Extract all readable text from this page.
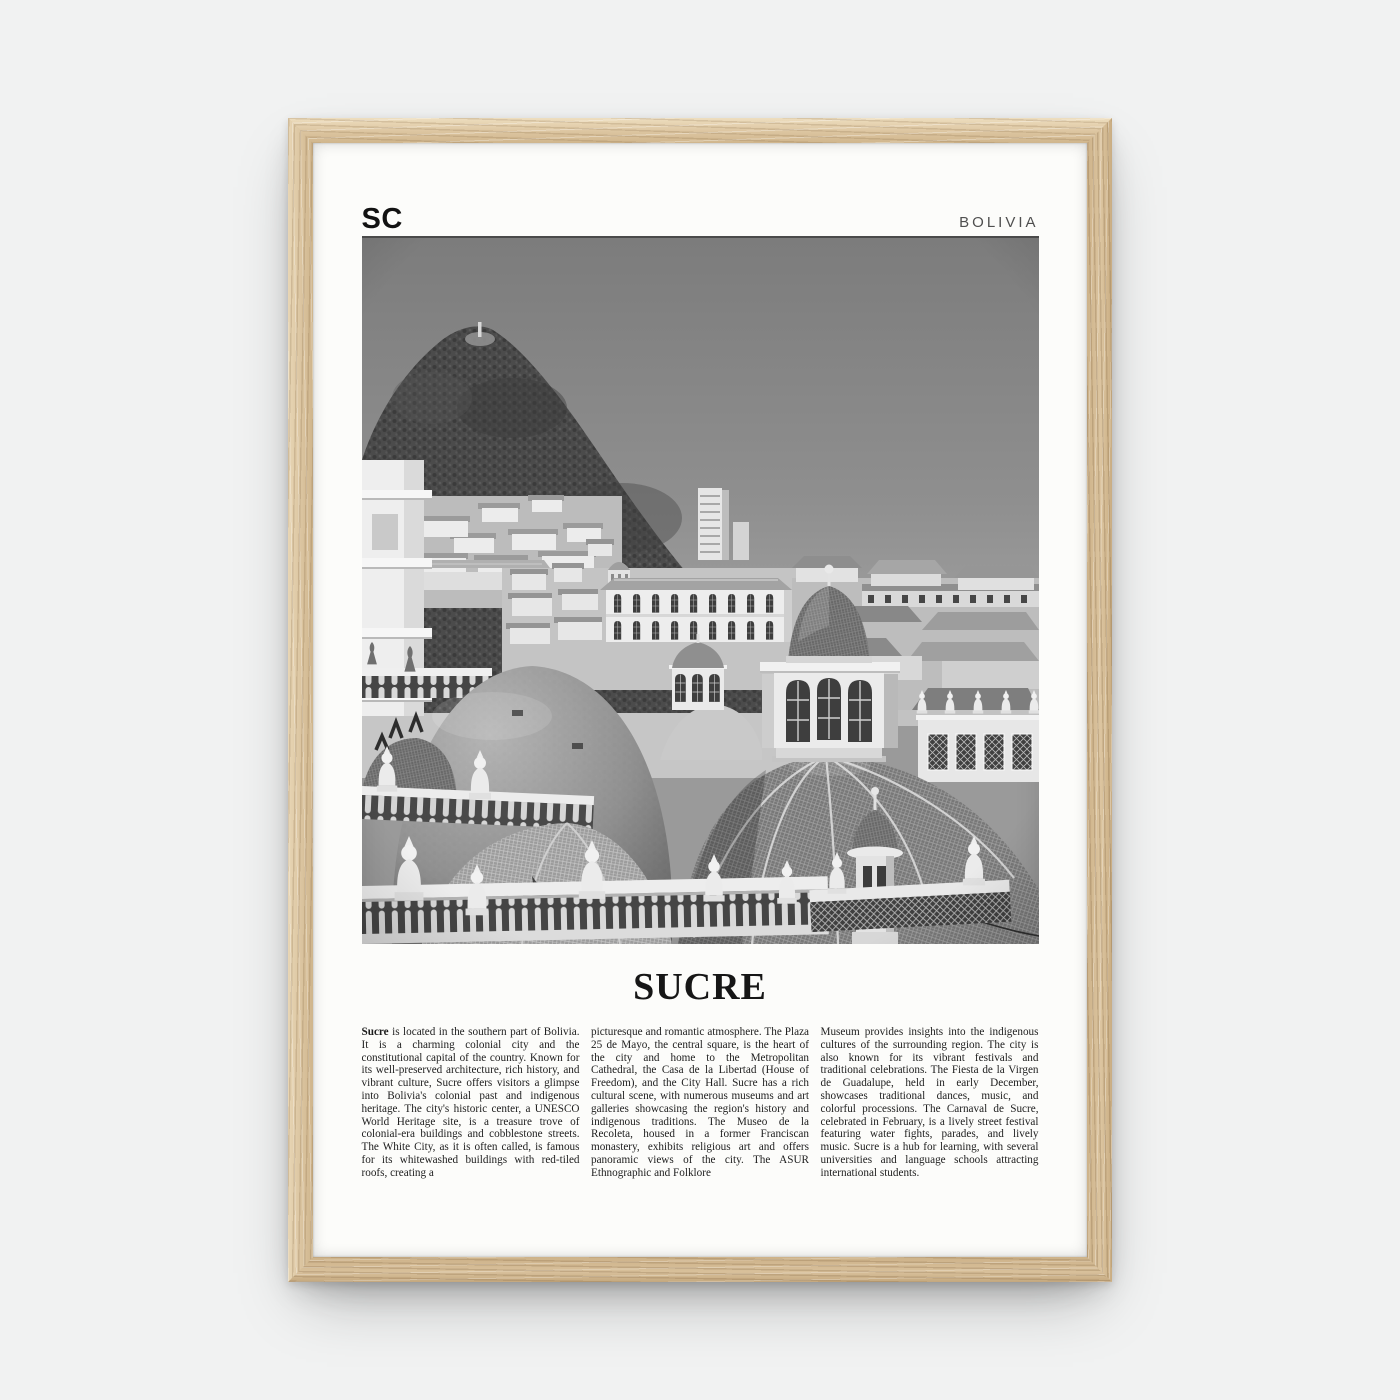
SC	BOLIVIA
SUCRE

Sucre is located in the southern part of Bolivia. It is a charming colonial city and the constitutional capital of the country. Known for its well-preserved architecture, rich history, and vibrant culture, Sucre offers visitors a glimpse into Bolivia's colonial past and indigenous heritage. The city's historic center, a UNESCO World Heritage site, is a treasure trove of colonial-era buildings and cobblestone streets. The White City, as it is often called, is famous for its whitewashed buildings with red-tiled roofs, creating a

picturesque and romantic atmosphere. The Plaza 25 de Mayo, the central square, is the heart of the city and home to the Metropolitan Cathedral, the Casa de la Libertad (House of Freedom), and the City Hall. Sucre has a rich cultural scene, with numerous museums and art galleries showcasing the region's history and indigenous traditions. The Museo de la Recoleta, housed in a former Franciscan monastery, exhibits religious art and offers panoramic views of the city. The ASUR Ethnographic and Folklore

Museum provides insights into the indigenous cultures of the surrounding region. The city is also known for its vibrant festivals and traditional celebrations. The Fiesta de la Virgen de Guadalupe, held in early December, showcases traditional dances, music, and colorful processions. The Carnaval de Sucre, celebrated in February, is a lively street festival featuring water fights, parades, and lively music. Sucre is a hub for learning, with several universities and language schools attracting international students.
